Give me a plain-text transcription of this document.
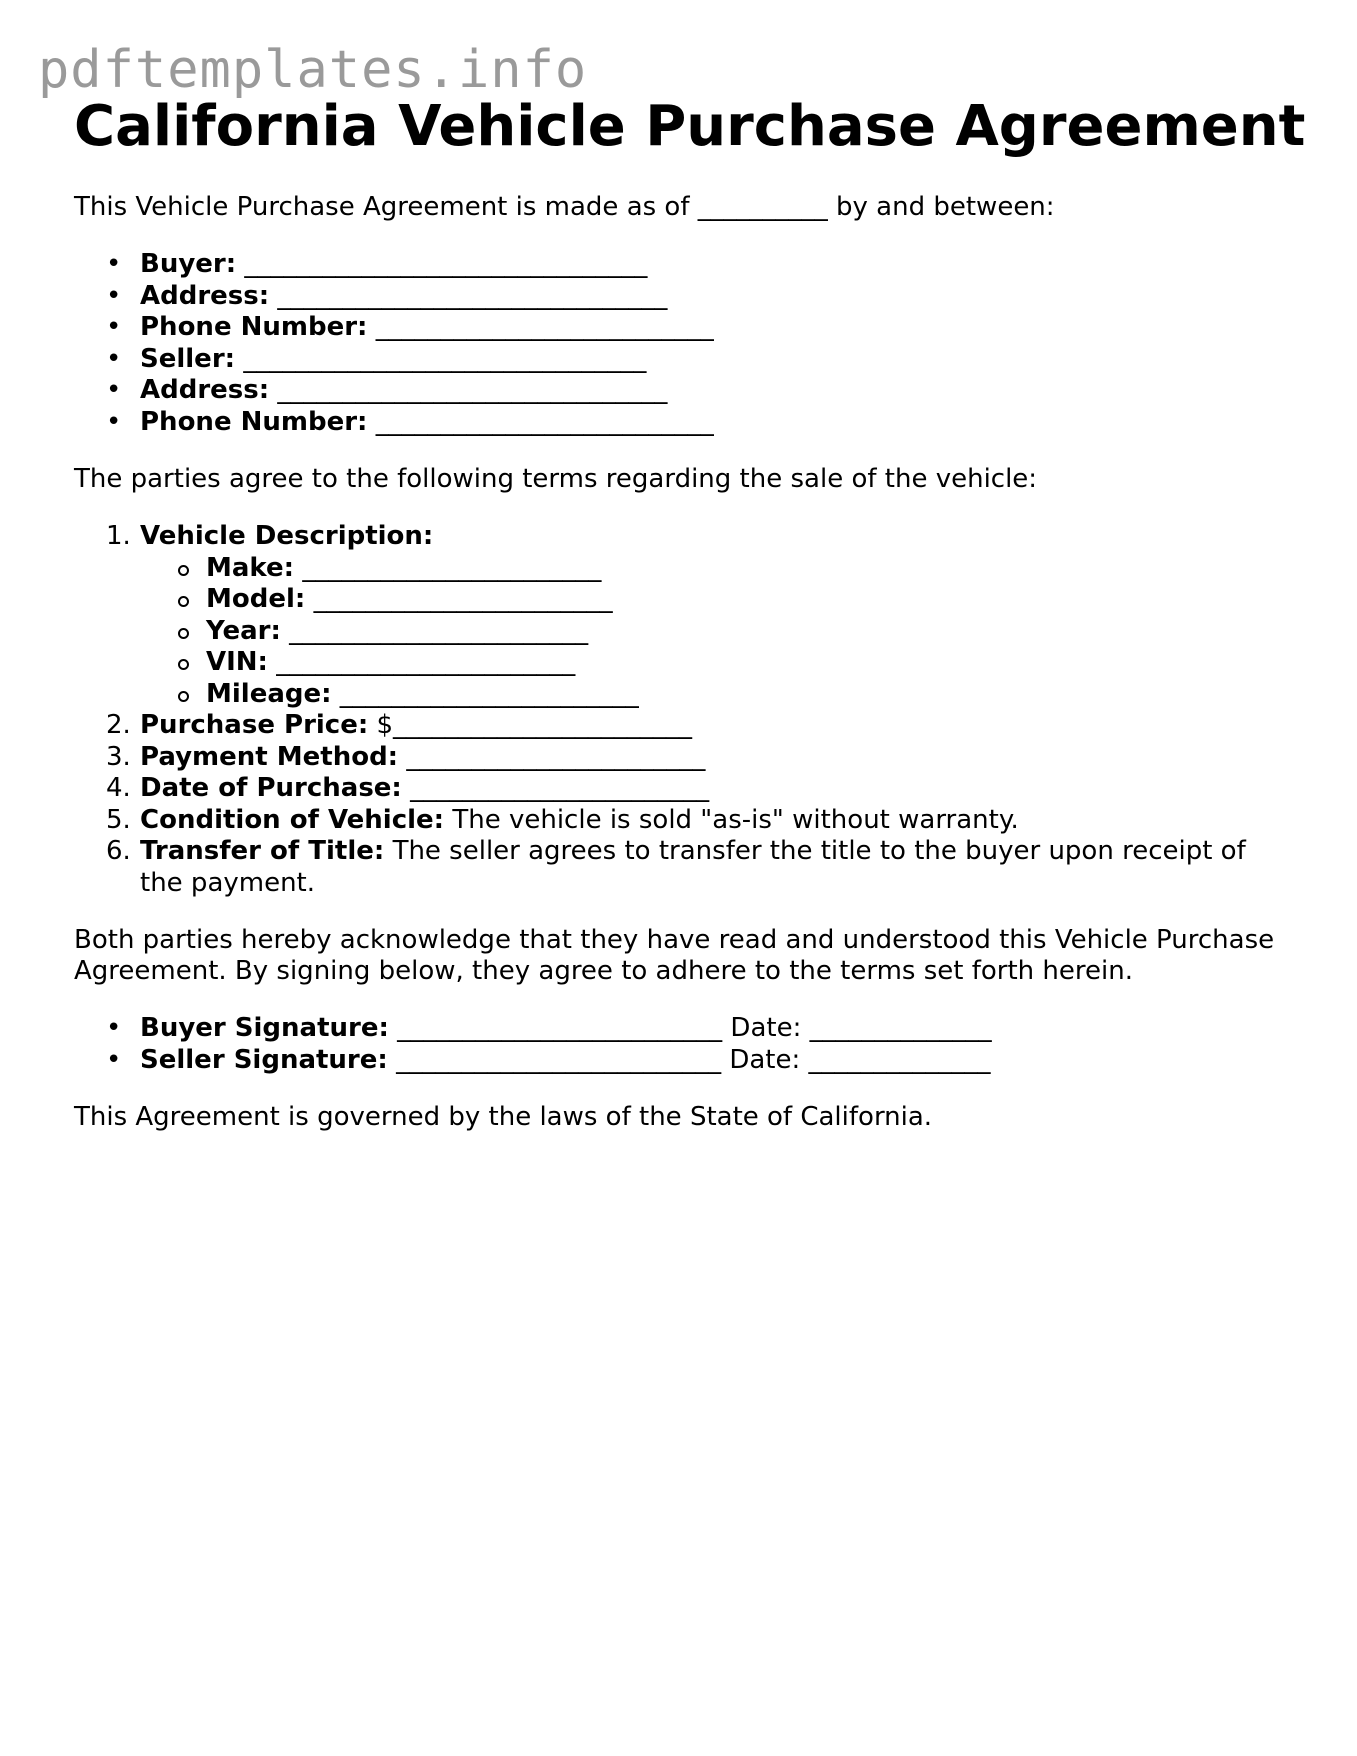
pdftemplates.info
California Vehicle Purchase Agreement

This Vehicle Purchase Agreement is made as of __________ by and between:

• Buyer: _______________________________
• Address: ______________________________
• Phone Number: __________________________
• Seller: _______________________________
• Address: ______________________________
• Phone Number: __________________________

The parties agree to the following terms regarding the sale of the vehicle:

1. Vehicle Description:
Make: _______________________
Model: _______________________
Year: _______________________
VIN: _______________________
Mileage: _______________________
2. Purchase Price: $_______________________
3. Payment Method: _______________________
4. Date of Purchase: _______________________
5. Condition of Vehicle: The vehicle is sold "as-is" without warranty.
6. Transfer of Title: The seller agrees to transfer the title to the buyer upon receipt of the payment.

Both parties hereby acknowledge that they have read and understood this Vehicle Purchase Agreement. By signing below, they agree to adhere to the terms set forth herein.

• Buyer Signature: _________________________ Date: ______________
• Seller Signature: _________________________ Date: ______________

This Agreement is governed by the laws of the State of California.
